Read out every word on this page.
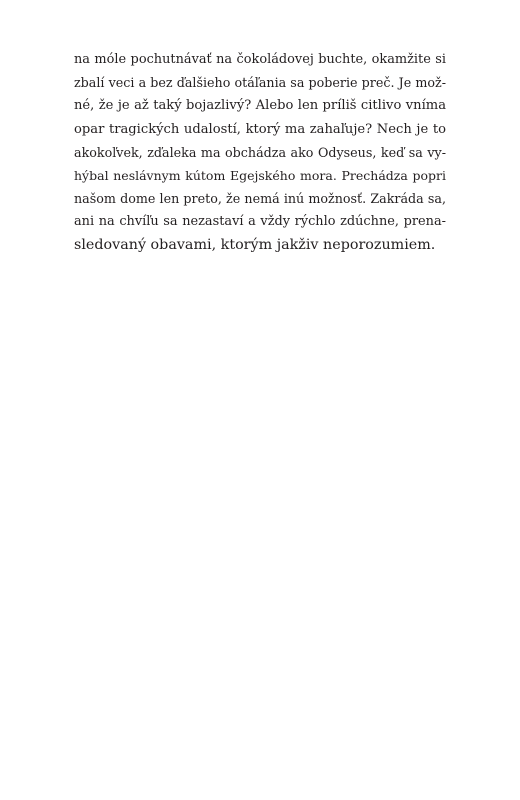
na móle pochutnávať na čokoládovej buchte, okamžite si
zbalí veci a bez ďalšieho otáľania sa poberie preč. Je mož-
né, že je až taký bojazlivý? Alebo len príliš citlivo vníma
opar tragických udalostí, ktorý ma zahaľuje? Nech je to
akokoľvek, zďaleka ma obchádza ako Odyseus, keď sa vy-
hýbal neslávnym kútom Egejského mora. Prechádza popri
našom dome len preto, že nemá inú možnosť. Zakráda sa,
ani na chvíľu sa nezastaví a vždy rýchlo zdúchne, prena-
sledovaný obavami, ktorým jakživ neporozumiem.
